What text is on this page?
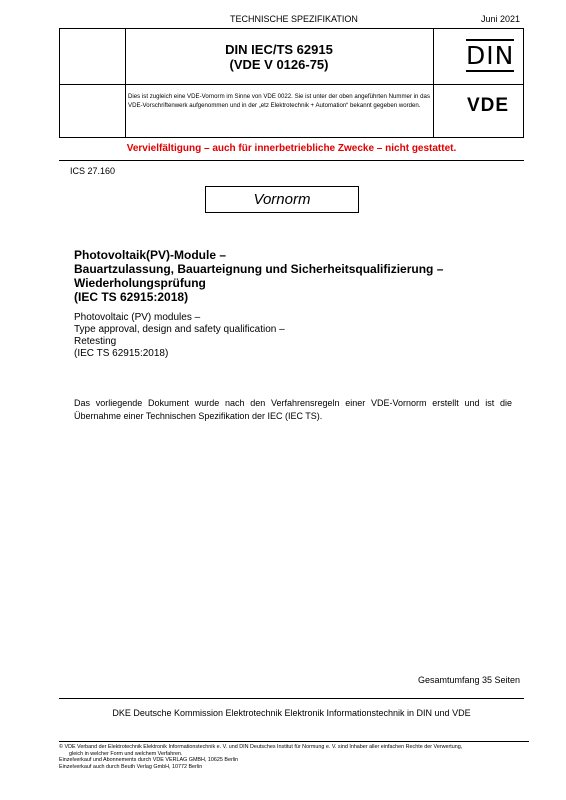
TECHNISCHE SPEZIFIKATION	Juni 2021
DIN IEC/TS 62915
(VDE V 0126-75)
Dies ist zugleich eine VDE-Vornorm im Sinne von VDE 0022. Sie ist unter der oben angeführten Nummer in das VDE-Vorschriftenwerk aufgenommen und in der „etz Elektrotechnik + Automation“ bekannt gegeben worden.
DIN
VDE
Vervielfältigung – auch für innerbetriebliche Zwecke – nicht gestattet.
ICS 27.160
Vornorm
Photovoltaik(PV)-Module –
Bauartzulassung, Bauarteignung und Sicherheitsqualifizierung –
Wiederholungsprüfung
(IEC TS 62915:2018)
Photovoltaic (PV) modules –
Type approval, design and safety qualification –
Retesting
(IEC TS 62915:2018)
Das vorliegende Dokument wurde nach den Verfahrensregeln einer VDE-Vornorm erstellt und ist die Übernahme einer Technischen Spezifikation der IEC (IEC TS).
Gesamtumfang 35 Seiten
DKE Deutsche Kommission Elektrotechnik Elektronik Informationstechnik in DIN und VDE
© VDE Verband der Elektrotechnik Elektronik Informationstechnik e. V. und DIN Deutsches Institut für Normung e. V. sind Inhaber aller einfachen Rechte der Verwertung,
gleich in welcher Form und welchem Verfahren.
Einzelverkauf und Abonnements durch VDE VERLAG GMBH, 10625 Berlin
Einzelverkauf auch durch Beuth Verlag GmbH, 10772 Berlin
